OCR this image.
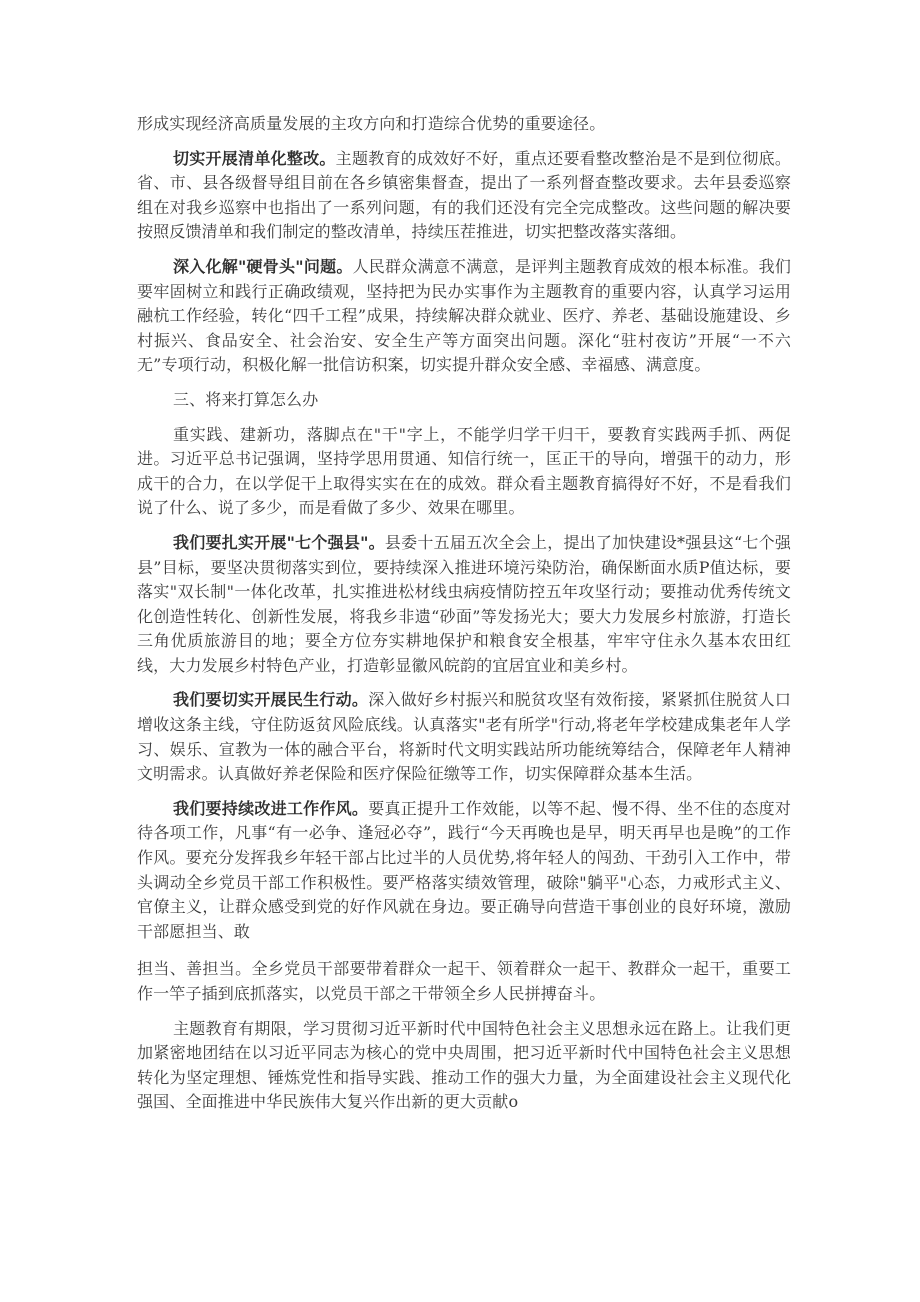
形成实现经济高质量发展的主攻方向和打造综合优势的重要途径。

切实开展清单化整改。主题教育的成效好不好，重点还要看整改整治是不是到位彻底。省、市、县各级督导组目前在各乡镇密集督查，提出了一系列督查整改要求。去年县委巡察组在对我乡巡察中也指出了一系列问题，有的我们还没有完全完成整改。这些问题的解决要按照反馈清单和我们制定的整改清单，持续压茬推进，切实把整改落实落细。

深入化解"硬骨头"问题。人民群众满意不满意，是评判主题教育成效的根本标准。我们要牢固树立和践行正确政绩观，坚持把为民办实事作为主题教育的重要内容，认真学习运用融杭工作经验，转化“四千工程”成果，持续解决群众就业、医疗、养老、基础设施建设、乡村振兴、食品安全、社会治安、安全生产等方面突出问题。深化“驻村夜访”开展“一不六无”专项行动，积极化解一批信访积案，切实提升群众安全感、幸福感、满意度。

三、将来打算怎么办

重实践、建新功，落脚点在"干"字上，不能学归学干归干，要教育实践两手抓、两促进。习近平总书记强调，坚持学思用贯通、知信行统一，匡正干的导向，增强干的动力，形成干的合力，在以学促干上取得实实在在的成效。群众看主题教育搞得好不好，不是看我们说了什么、说了多少，而是看做了多少、效果在哪里。

我们要扎实开展"七个强县"。县委十五届五次全会上，提出了加快建设*强县这“七个强县”目标，要坚决贯彻落实到位，要持续深入推进环境污染防治，确保断面水质P值达标，要落实"双长制"一体化改革，扎实推进松材线虫病疫情防控五年攻坚行动；要推动优秀传统文化创造性转化、创新性发展，将我乡非遗“砂面”等发扬光大；要大力发展乡村旅游，打造长三角优质旅游目的地；要全方位夯实耕地保护和粮食安全根基，牢牢守住永久基本农田红线，大力发展乡村特色产业，打造彰显徽风皖韵的宜居宜业和美乡村。

我们要切实开展民生行动。深入做好乡村振兴和脱贫攻坚有效衔接，紧紧抓住脱贫人口增收这条主线，守住防返贫风险底线。认真落实"老有所学"行动,将老年学校建成集老年人学习、娱乐、宣教为一体的融合平台，将新时代文明实践站所功能统筹结合，保障老年人精神文明需求。认真做好养老保险和医疗保险征缴等工作，切实保障群众基本生活。

我们要持续改进工作作风。要真正提升工作效能，以等不起、慢不得、坐不住的态度对待各项工作，凡事“有一必争、逢冠必夺”，践行“今天再晚也是早，明天再早也是晚”的工作作风。要充分发挥我乡年轻干部占比过半的人员优势,将年轻人的闯劲、干劲引入工作中，带头调动全乡党员干部工作积极性。要严格落实绩效管理，破除"躺平"心态，力戒形式主义、官僚主义，让群众感受到党的好作风就在身边。要正确导向营造干事创业的良好环境，激励干部愿担当、敢

担当、善担当。全乡党员干部要带着群众一起干、领着群众一起干、教群众一起干，重要工作一竿子插到底抓落实，以党员干部之干带领全乡人民拼搏奋斗。

主题教育有期限，学习贯彻习近平新时代中国特色社会主义思想永远在路上。让我们更加紧密地团结在以习近平同志为核心的党中央周围，把习近平新时代中国特色社会主义思想转化为坚定理想、锤炼党性和指导实践、推动工作的强大力量，为全面建设社会主义现代化强国、全面推进中华民族伟大复兴作出新的更大贡献o
